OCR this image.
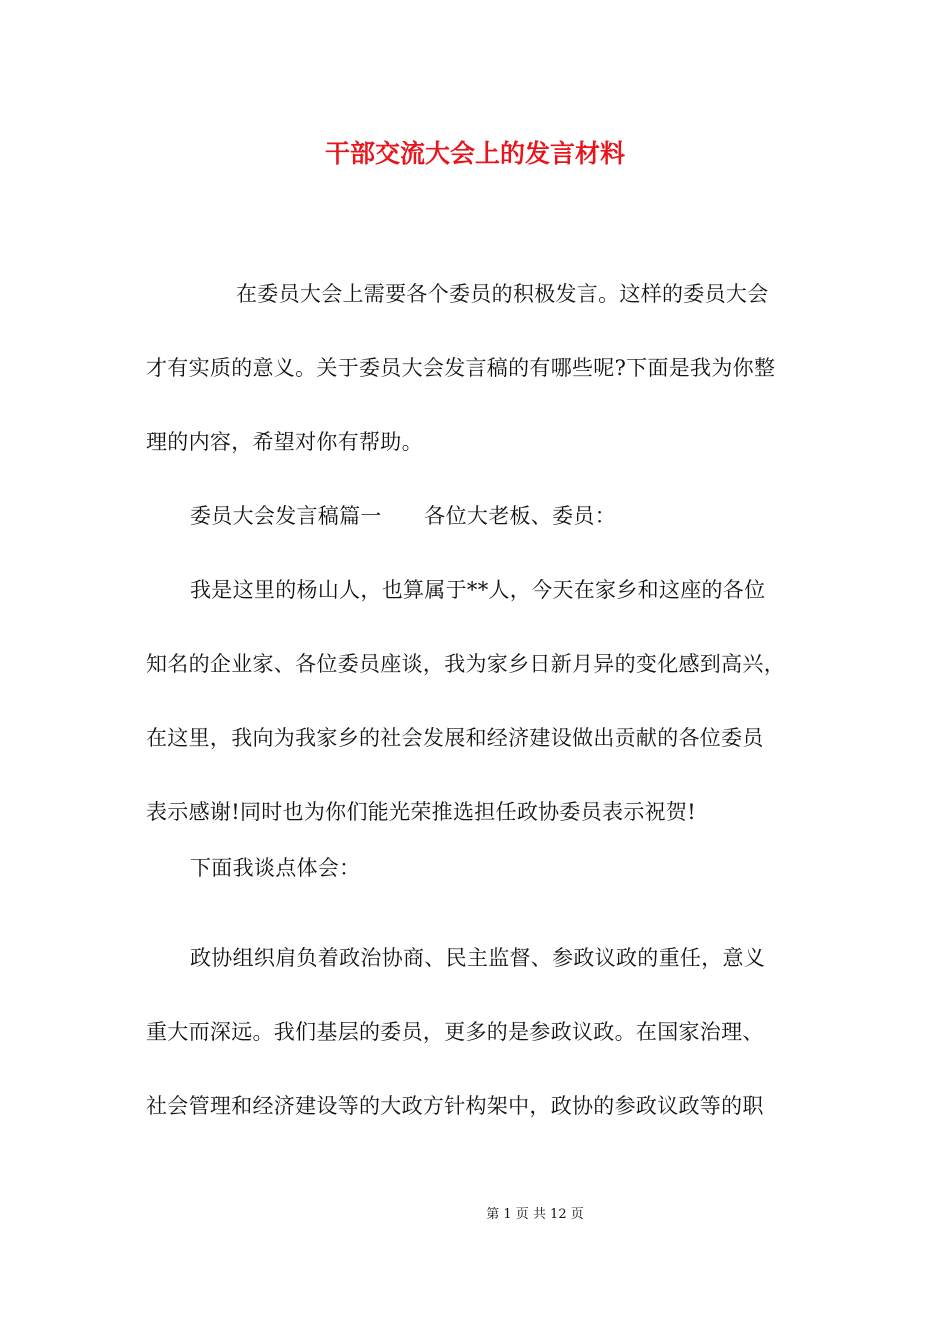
干部交流大会上的发言材料
在委员大会上需要各个委员的积极发言。这样的委员大会
才有实质的意义。关于委员大会发言稿的有哪些呢?下面是我为你整
理的内容，希望对你有帮助。
委员大会发言稿篇一　　各位大老板、委员：
我是这里的杨山人，也算属于**人，今天在家乡和这座的各位
知名的企业家、各位委员座谈，我为家乡日新月异的变化感到高兴，
在这里，我向为我家乡的社会发展和经济建设做出贡献的各位委员
表示感谢!同时也为你们能光荣推选担任政协委员表示祝贺!
下面我谈点体会：
政协组织肩负着政治协商、民主监督、参政议政的重任，意义
重大而深远。我们基层的委员，更多的是参政议政。在国家治理、
社会管理和经济建设等的大政方针构架中，政协的参政议政等的职
第 1 页 共 12 页
